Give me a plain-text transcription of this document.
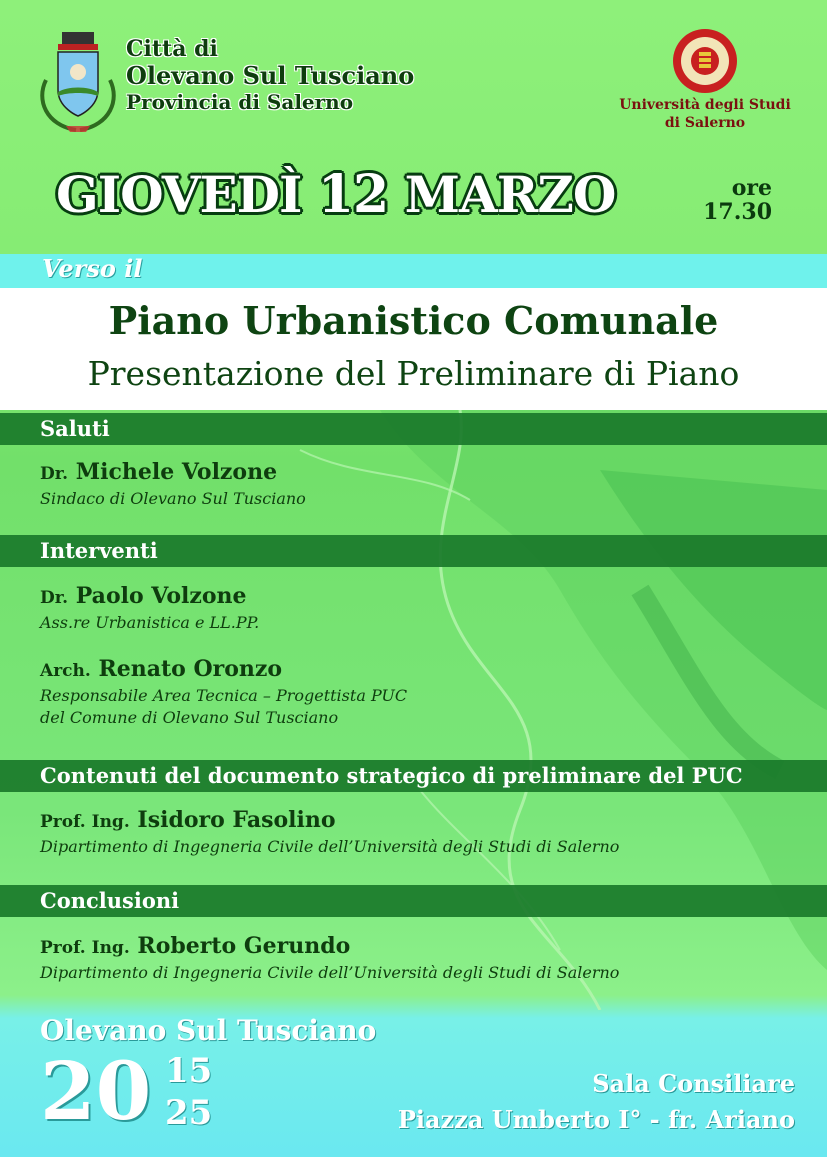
Città di
Olevano Sul Tusciano
Provincia di Salerno	Università degli Studi
di Salerno
GIOVEDÌ 12 MARZO	ore
17.30
Verso il
Piano Urbanistico Comunale
Presentazione del Preliminare di Piano
Saluti
Dr. Michele Volzone
Sindaco di Olevano Sul Tusciano
Interventi
Dr. Paolo Volzone
Ass.re Urbanistica e LL.PP.
Arch. Renato Oronzo
Responsabile Area Tecnica – Progettista PUC
del Comune di Olevano Sul Tusciano
Contenuti del documento strategico di preliminare del PUC
Prof. Ing. Isidoro Fasolino
Dipartimento di Ingegneria Civile dell’Università degli Studi di Salerno
Conclusioni
Prof. Ing. Roberto Gerundo
Dipartimento di Ingegneria Civile dell’Università degli Studi di Salerno
Olevano Sul Tusciano
20 15
25
Sala Consiliare
Piazza Umberto I° - fr. Ariano
